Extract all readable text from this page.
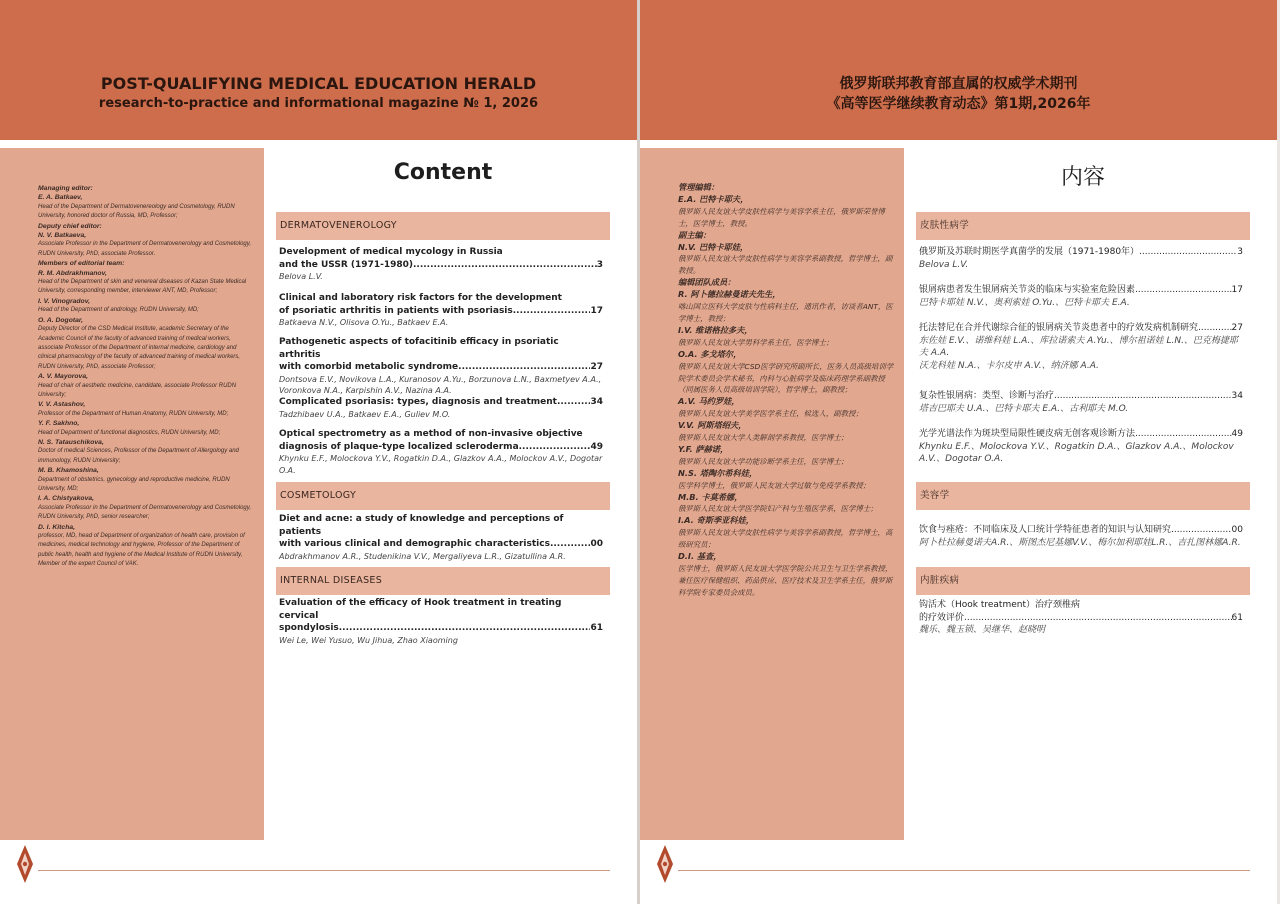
POST-QUALIFYING MEDICAL EDUCATION HERALD
research-to-practice and informational magazine № 1, 2026
Managing editor:
E. A. Batkaev,
Head of the Department of Dermatovenereology and Cosmetology, RUDN University, honored doctor of Russia, MD, Professor;
Deputy chief editor:
N. V. Batkaeva,
Associate Professor in the Department of Dermatovenerology and Cosmetology, RUDN University, PhD, associate Professor.
Members of editorial team:
R. M. Abdrakhmanov,
Head of the Department of skin and venereal diseases of Kazan State Medical University, corresponding member, interviewer ANT, MD, Professor;
I. V. Vinogradov,
Head of the Department of andrology, RUDN University, MD;
O. A. Dogotar,
Deputy Director of the CSD Medical Institute, academic Secretary of the Academic Council of the faculty of advanced training of medical workers, associate Professor of the Department of internal medicine, cardiology and clinical pharmacology of the faculty of advanced training of medical workers, RUDN University, PhD, associate Professor;
A. V. Mayorova,
Head of chair of aesthetic medicine, candidate, associate Professor RUDN University;
V. V. Astashov,
Professor of the Department of Human Anatomy, RUDN University, MD;
Y. F. Sakhno,
Head of Department of functional diagnostics, RUDN University, MD;
N. S. Tatauschikova,
Doctor of medical Sciences, Professor of the Department of Allergology and immunology, RUDN University;
M. B. Khamoshina,
Department of obstetrics, gynecology and reproductive medicine, RUDN University, MD;
I. A. Chistyakova,
Associate Professor in the Department of Dermatovenerology and Cosmetology, RUDN University, PhD, senior researcher;
D. I. Kitcha,
professor, MD, head of Department of organization of health care, provision of medicines, medical technology and hygiene, Professor of the Department of public health, health and hygiene of the Medical Institute of RUDN University, Member of the expert Council of VAK.
Content
DERMATOVENEROLOGY
Development of medical mycology in Russia
and the USSR (1971-1980) .....	3
Belova L.V.
Clinical and laboratory risk factors for the development
of psoriatic arthritis in patients with psoriasis .....	17
Batkaeva N.V., Olisova O.Yu., Batkaev E.A.
Pathogenetic aspects of tofacitinib efficacy in psoriatic arthritis
with comorbid metabolic syndrome .....	27
Dontsova E.V., Novikova L.A., Kuranosov A.Yu., Borzunova L.N., Baxmetyev A.A.,
Voronkova N.A., Karpishin A.V., Nazina A.A.
Complicated psoriasis: types, diagnosis and treatment .....	34
Tadzhibaev U.A., Batkaev E.A., Guliev M.O.
Optical spectrometry as a method of non-invasive objective
diagnosis of plaque-type localized scleroderma .....	49
Khynku E.F., Molockova Y.V., Rogatkin D.A., Glazkov A.A., Molockov A.V., Dogotar O.A.
COSMETOLOGY
Diet and acne: a study of knowledge and perceptions of patients
with various clinical and demographic characteristics .....	00
Abdrakhmanov A.R., Studenikina V.V., Mergaliyeva L.R., Gizatullina A.R.
INTERNAL DISEASES
Evaluation of the efficacy of Hook treatment in treating cervical
spondylosis .....	61
Wei Le, Wei Yusuo, Wu Jihua, Zhao Xiaoming
俄罗斯联邦教育部直属的权威学术期刊
《高等医学继续教育动态》第1期,2026年
管理编辑：
E.A. 巴特卡耶夫，
俄罗斯人民友谊大学皮肤性病学与美容学系主任，俄罗斯荣誉博士，医学博士，教授。
副主编：
N.V. 巴特卡耶娃，
俄罗斯人民友谊大学皮肤性病学与美容学系副教授，哲学博士，副教授。
编辑团队成员：
R. 阿卜德拉赫曼诺夫先生，
喀山国立医科大学皮肤与性病科主任，通讯作者，访谈者ANT，医学博士，教授；
I.V. 维诺格拉多夫，
俄罗斯人民友谊大学男科学系主任，医学博士；
O.A. 多戈塔尔，
俄罗斯人民友谊大学CSD医学研究所副所长，医务人员高级培训学院学术委员会学术秘书，内科与心脏病学及临床药理学系副教授（同属医务人员高级培训学院），哲学博士，副教授；
A.V. 马约罗娃，
俄罗斯人民友谊大学美学医学系主任，候选人，副教授；
V.V. 阿斯塔绍夫，
俄罗斯人民友谊大学人类解剖学系教授，医学博士；
Y.F. 萨赫诺，
俄罗斯人民友谊大学功能诊断学系主任，医学博士；
N.S. 塔陶尔希科娃，
医学科学博士，俄罗斯人民友谊大学过敏与免疫学系教授；
M.B. 卡莫希娜，
俄罗斯人民友谊大学医学院妇产科与生殖医学系，医学博士；
I.A. 奇斯季亚科娃，
俄罗斯人民友谊大学皮肤性病学与美容学系副教授，哲学博士，高级研究员；
D.I. 基查，
医学博士，俄罗斯人民友谊大学医学院公共卫生与卫生学系教授，兼任医疗保健组织、药品供应、医疗技术及卫生学系主任，俄罗斯科学院专家委员会成员。
内容
皮肤性病学
俄罗斯及苏联时期医学真菌学的发展（1971-1980年） .....	3
Belova L.V.
银屑病患者发生银屑病关节炎的临床与实验室危险因素 .....	17
巴特卡耶娃 N.V.、奥利索娃 O.Yu.、巴特卡耶夫 E.A.
托法替尼在合并代谢综合征的银屑病关节炎患者中的疗效发病机制研究 .....	27
东佐娃 E.V.、诺维科娃 L.A.、库拉诺索夫 A.Yu.、博尔祖诺娃 L.N.、巴克梅捷耶夫 A.A.
沃龙科娃 N.A.、卡尔皮申 A.V.、纳济娜 A.A.
复杂性银屑病：类型、诊断与治疗 .....	34
塔吉巴耶夫 U.A.、巴特卡耶夫 E.A.、古利耶夫 M.O.
光学光谱法作为斑块型局限性硬皮病无创客观诊断方法 .....	49
Khynku E.F.、Molockova Y.V.、Rogatkin D.A.、Glazkov A.A.、Molockov
A.V.、Dogotar O.A.
美容学
饮食与痤疮：不同临床及人口统计学特征患者的知识与认知研究 .....	00
阿卜杜拉赫曼诺夫A.R.、斯图杰尼基娜V.V.、梅尔加利耶娃L.R.、吉扎图林娜A.R.
内脏疾病
钩活术（Hook treatment）治疗颈椎病
的疗效评价 .....	61
魏乐、魏玉锁、吴继华、赵晓明
